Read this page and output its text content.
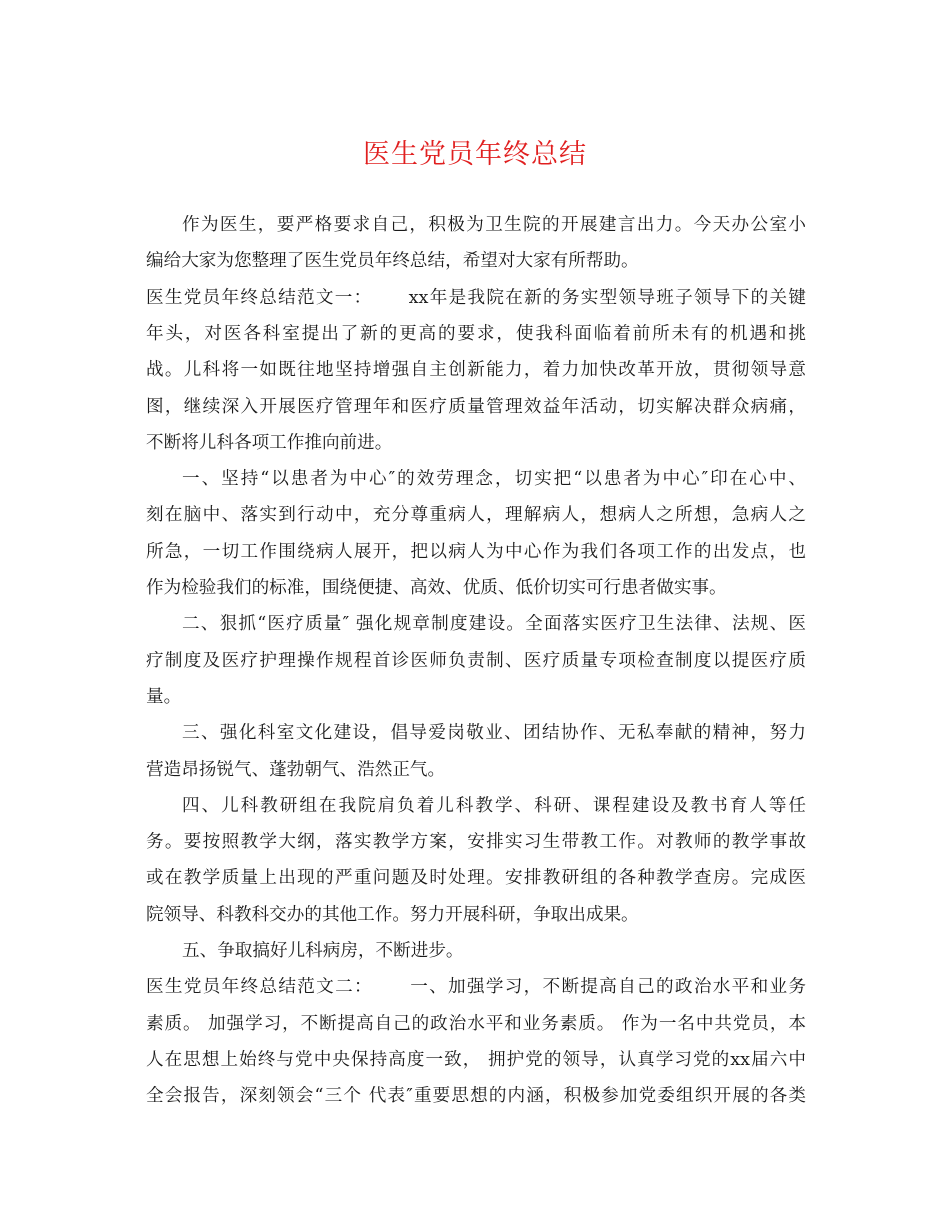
医生党员年终总结
作为医生，要严格要求自己，积极为卫生院的开展建言出力。今天办公室小
编给大家为您整理了医生党员年终总结，希望对大家有所帮助。
医生党员年终总结范文一： xx年是我院在新的务实型领导班子领导下的关键
年头，对医各科室提出了新的更高的要求，使我科面临着前所未有的机遇和挑
战。儿科将一如既往地坚持增强自主创新能力，着力加快改革开放，贯彻领导意
图，继续深入开展医疗管理年和医疗质量管理效益年活动，切实解决群众病痛，
不断将儿科各项工作推向前进。
一、坚持“以患者为中心″的效劳理念，切实把“以患者为中心″印在心中、
刻在脑中、落实到行动中，充分尊重病人，理解病人，想病人之所想，急病人之
所急，一切工作围绕病人展开，把以病人为中心作为我们各项工作的出发点，也
作为检验我们的标准，围绕便捷、高效、优质、低价切实可行患者做实事。
二、狠抓“医疗质量″ 强化规章制度建设。全面落实医疗卫生法律、法规、医
疗制度及医疗护理操作规程首诊医师负责制、医疗质量专项检查制度以提医疗质
量。
三、强化科室文化建设，倡导爱岗敬业、团结协作、无私奉献的精神，努力
营造昂扬锐气、蓬勃朝气、浩然正气。
四、儿科教研组在我院肩负着儿科教学、科研、课程建设及教书育人等任
务。要按照教学大纲，落实教学方案，安排实习生带教工作。对教师的教学事故
或在教学质量上出现的严重问题及时处理。安排教研组的各种教学查房。完成医
院领导、科教科交办的其他工作。努力开展科研，争取出成果。
五、争取搞好儿科病房，不断进步。
医生党员年终总结范文二： 一、加强学习，不断提高自己的政治水平和业务
素质。 加强学习，不断提高自己的政治水平和业务素质。 作为一名中共党员，本
人在思想上始终与党中央保持高度一致， 拥护党的领导，认真学习党的xx届六中
全会报告，深刻领会“三个 代表″重要思想的内涵，积极参加党委组织开展的各类
